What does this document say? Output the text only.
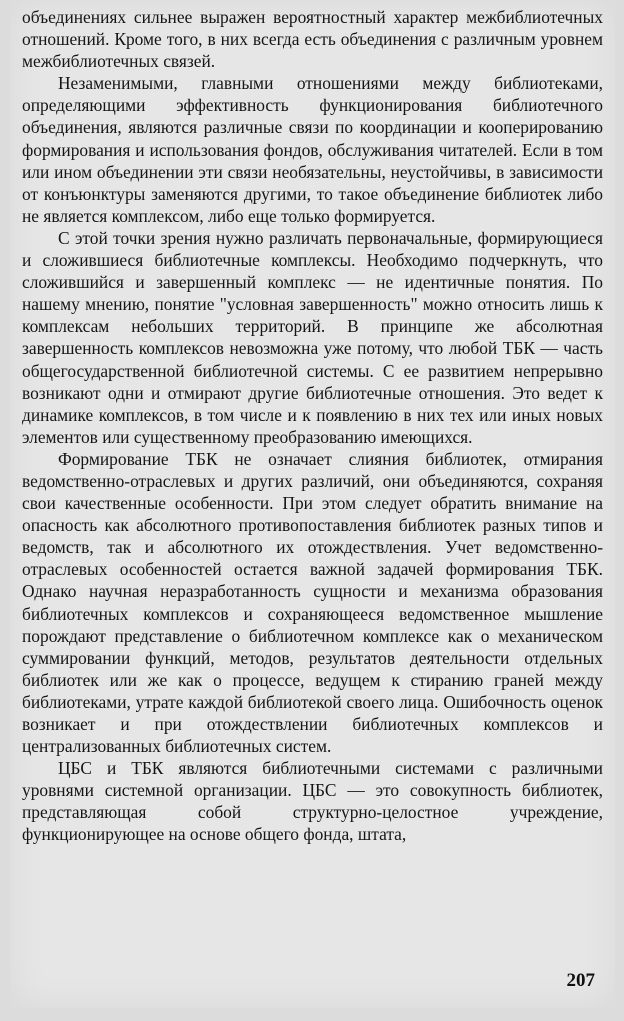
объединениях сильнее выражен вероятностный характер межбиблиотечных отношений. Кроме того, в них всегда есть объединения с различным уровнем межбиблиотечных связей.

Незаменимыми, главными отношениями между библиотеками, определяющими эффективность функционирования библиотечного объединения, являются различные связи по координации и кооперированию формирования и использования фондов, обслуживания читателей. Если в том или ином объединении эти связи необязательны, неустойчивы, в зависимости от конъюнктуры заменяются другими, то такое объединение библиотек либо не является комплексом, либо еще только формируется.

С этой точки зрения нужно различать первоначальные, формирующиеся и сложившиеся библиотечные комплексы. Необходимо подчеркнуть, что сложившийся и завершенный комплекс — не идентичные понятия. По нашему мнению, понятие "условная завершенность" можно относить лишь к комплексам небольших территорий. В принципе же абсолютная завершенность комплексов невозможна уже потому, что любой ТБК — часть общегосударственной библиотечной системы. С ее развитием непрерывно возникают одни и отмирают другие библиотечные отношения. Это ведет к динамике комплексов, в том числе и к появлению в них тех или иных новых элементов или существенному преобразованию имеющихся.

Формирование ТБК не означает слияния библиотек, отмирания ведомственно-отраслевых и других различий, они объединяются, сохраняя свои качественные особенности. При этом следует обратить внимание на опасность как абсолютного противопоставления библиотек разных типов и ведомств, так и абсолютного их отождествления. Учет ведомственно-отраслевых особенностей остается важной задачей формирования ТБК. Однако научная неразработанность сущности и механизма образования библиотечных комплексов и сохраняющееся ведомственное мышление порождают представление о библиотечном комплексе как о механическом суммировании функций, методов, результатов деятельности отдельных библиотек или же как о процессе, ведущем к стиранию граней между библиотеками, утрате каждой библиотекой своего лица. Ошибочность оценок возникает и при отождествлении библиотечных комплексов и централизованных библиотечных систем.

ЦБС и ТБК являются библиотечными системами с различными уровнями системной организации. ЦБС — это совокупность библиотек, представляющая собой структурно-целостное учреждение, функционирующее на основе общего фонда, штата,

207
